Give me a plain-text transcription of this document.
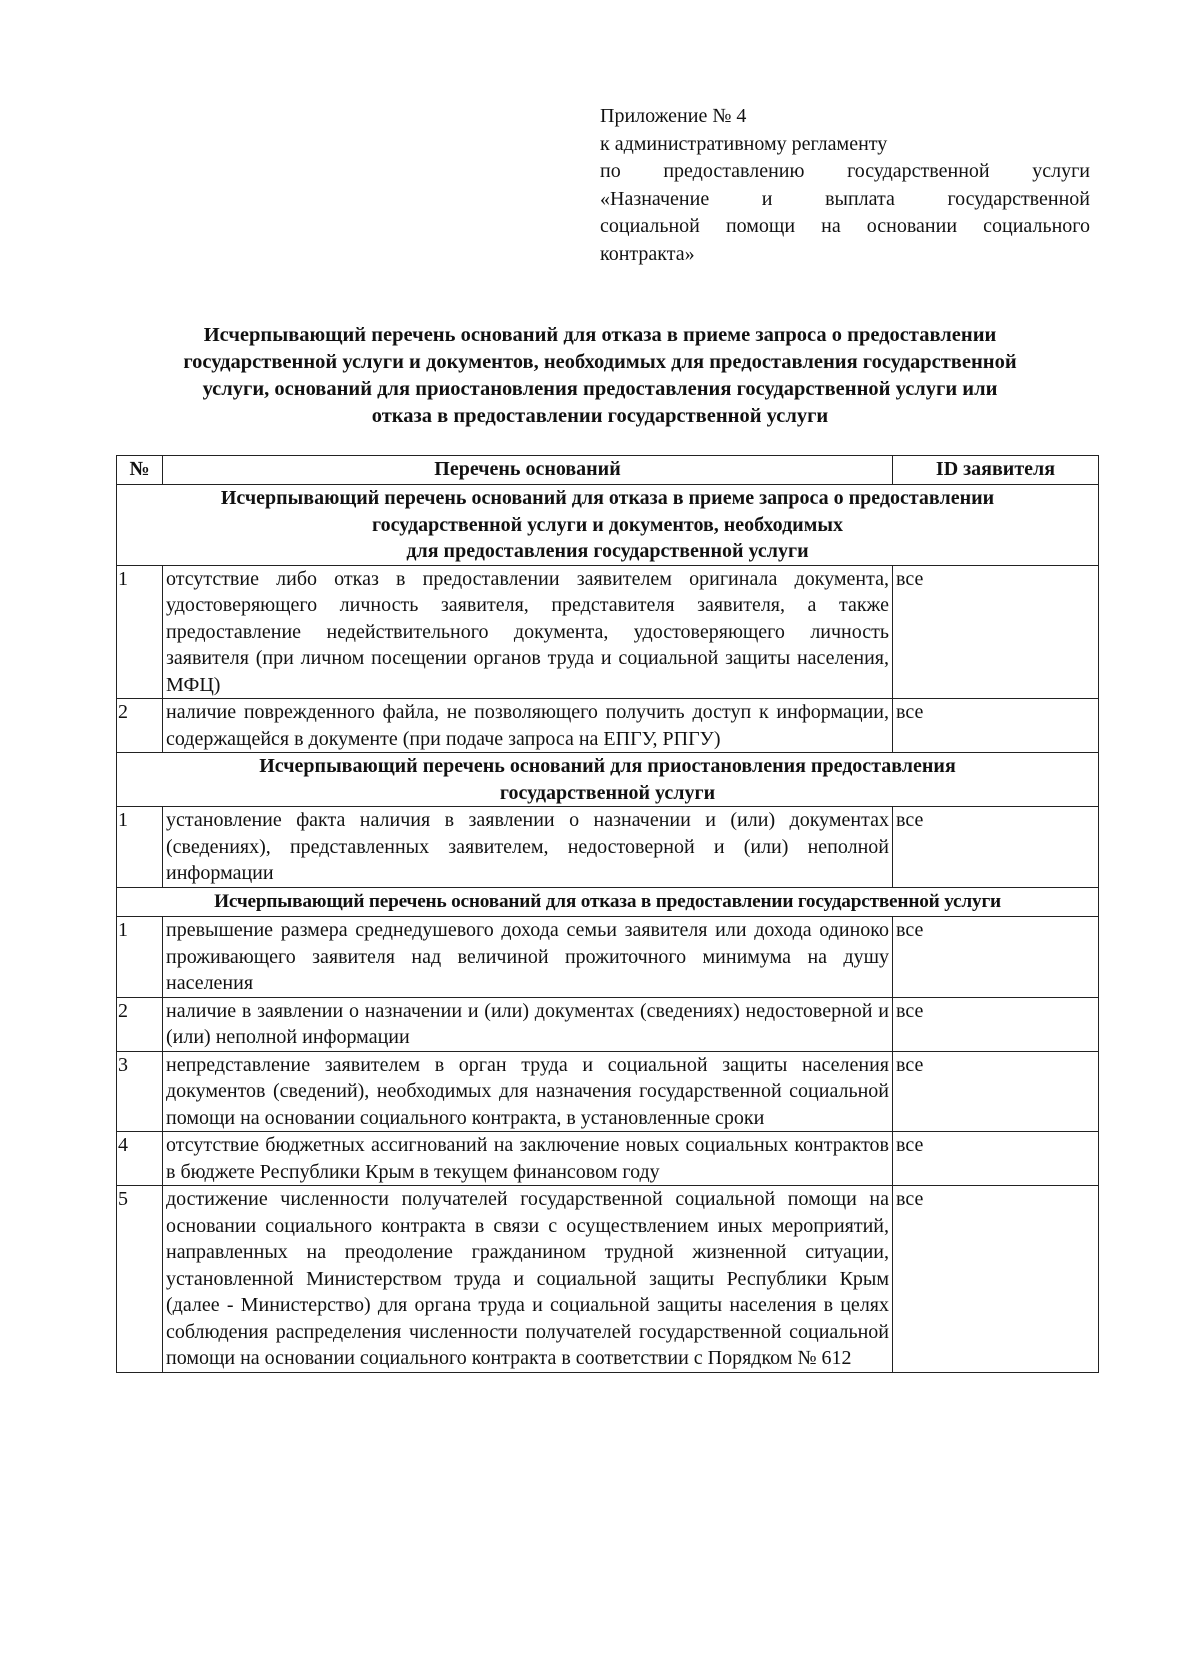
Приложение № 4
к административному регламенту
по предоставлению государственной услуги
«Назначение и выплата государственной
социальной помощи на основании социального
контракта»
Исчерпывающий перечень оснований для отказа в приеме запроса о предоставлении
государственной услуги и документов, необходимых для предоставления государственной
услуги, оснований для приостановления предоставления государственной услуги или
отказа в предоставлении государственной услуги
№	Перечень оснований	ID заявителя

Исчерпывающий перечень оснований для отказа в приеме запроса о предоставлении
государственной услуги и документов, необходимых
для предоставления государственной услуги		

1	отсутствие либо отказ в предоставлении заявителем оригинала документа, удостоверяющего личность заявителя, представителя заявителя, а также предоставление недействительного документа, удостоверяющего личность заявителя (при личном посещении органов труда и социальной защиты населения, МФЦ)	все
2	наличие поврежденного файла, не позволяющего получить доступ к информации, содержащейся в документе (при подаче запроса на ЕПГУ, РПГУ)	все

Исчерпывающий перечень оснований для приостановления предоставления
государственной услуги		

1	установление факта наличия в заявлении о назначении и (или) документах (сведениях), представленных заявителем, недостоверной и (или) неполной информации	все

Исчерпывающий перечень оснований для отказа в предоставлении государственной услуги		

1	превышение размера среднедушевого дохода семьи заявителя или дохода одиноко проживающего заявителя над величиной прожиточного минимума на душу населения	все
2	наличие в заявлении о назначении и (или) документах (сведениях) недостоверной и (или) неполной информации	все
3	непредставление заявителем в орган труда и социальной защиты населения документов (сведений), необходимых для назначения государственной социальной помощи на основании социального контракта, в установленные сроки	все
4	отсутствие бюджетных ассигнований на заключение новых социальных контрактов в бюджете Республики Крым в текущем финансовом году	все
5	достижение численности получателей государственной социальной помощи на основании социального контракта в связи с осуществлением иных мероприятий, направленных на преодоление гражданином трудной жизненной ситуации, установленной Министерством труда и социальной защиты Республики Крым (далее - Министерство) для органа труда и социальной защиты населения в целях соблюдения распределения численности получателей государственной социальной помощи на основании социального контракта в соответствии с Порядком № 612	все
